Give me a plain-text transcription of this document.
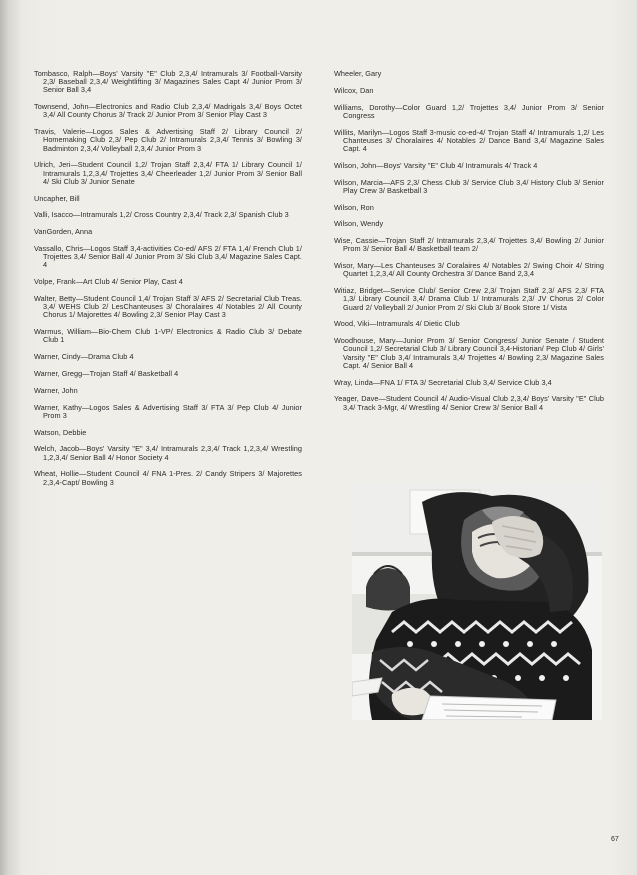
Tombasco, Ralph—Boys' Varsity "E" Club 2,3,4/ Intramurals 3/ Football-Varsity 2,3/ Baseball 2,3,4/ Weightlifting 3/ Magazines Sales Capt 4/ Junior Prom 3/ Senior Ball 3,4

Townsend, John—Electronics and Radio Club 2,3,4/ Madrigals 3,4/ Boys Octet 3,4/ All County Chorus 3/ Track 2/ Junior Prom 3/ Senior Play Cast 3

Travis, Valerie—Logos Sales & Advertising Staff 2/ Library Council 2/ Homemaking Club 2,3/ Pep Club 2/ Intramurals 2,3,4/ Tennis 3/ Bowling 3/ Badminton 2,3,4/ Volleyball 2,3,4/ Junior Prom 3

Ulrich, Jeri—Student Council 1,2/ Trojan Staff 2,3,4/ FTA 1/ Library Council 1/ Intramurals 1,2,3,4/ Trojettes 3,4/ Cheerleader 1,2/ Junior Prom 3/ Senior Ball 4/ Ski Club 3/ Junior Senate

Uncapher, Bill

Valli, Isacco—Intramurals 1,2/ Cross Country 2,3,4/ Track 2,3/ Spanish Club 3

VanGorden, Anna

Vassallo, Chris—Logos Staff 3,4-activities Co-ed/ AFS 2/ FTA 1,4/ French Club 1/ Trojettes 3,4/ Senior Ball 4/ Junior Prom 3/ Ski Club 3,4/ Magazine Sales Capt. 4

Volpe, Frank—Art Club 4/ Senior Play, Cast 4

Walter, Betty—Student Council 1,4/ Trojan Staff 3/ AFS 2/ Secretarial Club Treas. 3,4/ WEHS Club 2/ LesChanteuses 3/ Choralaires 4/ Notables 2/ All County Chorus 1/ Majorettes 4/ Bowling 2,3/ Senior Play Cast 3

Warmus, William—Bio-Chem Club 1-VP/ Electronics & Radio Club 3/ Debate Club 1

Warner, Cindy—Drama Club 4

Warner, Gregg—Trojan Staff 4/ Basketball 4

Warner, John

Warner, Kathy—Logos Sales & Advertising Staff 3/ FTA 3/ Pep Club 4/ Junior Prom 3

Watson, Debbie

Welch, Jacob—Boys' Varsity "E" 3,4/ Intramurals 2,3,4/ Track 1,2,3,4/ Wrestling 1,2,3,4/ Senior Ball 4/ Honor Society 4

Wheat, Hollie—Student Council 4/ FNA 1-Pres. 2/ Candy Stripers 3/ Majorettes 2,3,4-Capt/ Bowling 3

Wheeler, Gary

Wilcox, Dan

Williams, Dorothy—Color Guard 1,2/ Trojettes 3,4/ Junior Prom 3/ Senior Congress

Willits, Marilyn—Logos Staff 3-music co-ed-4/ Trojan Staff 4/ Intramurals 1,2/ Les Chanteuses 3/ Choralaires 4/ Notables 2/ Dance Band 3,4/ Magazine Sales Capt. 4

Wilson, John—Boys' Varsity "E" Club 4/ Intramurals 4/ Track 4

Wilson, Marcia—AFS 2,3/ Chess Club 3/ Service Club 3,4/ History Club 3/ Senior Play Crew 3/ Basketball 3

Wilson, Ron

Wilson, Wendy

Wise, Cassie—Trojan Staff 2/ Intramurals 2,3,4/ Trojettes 3,4/ Bowling 2/ Junior Prom 3/ Senior Ball 4/ Basketball team 2/

Wisor, Mary—Les Chanteuses 3/ Coralaires 4/ Notables 2/ Swing Choir 4/ String Quartet 1,2,3,4/ All County Orchestra 3/ Dance Band 2,3,4

Witiaz, Bridget—Service Club/ Senior Crew 2,3/ Trojan Staff 2,3/ AFS 2,3/ FTA 1,3/ Library Council 3,4/ Drama Club 1/ Intramurals 2,3/ JV Chorus 2/ Color Guard 2/ Volleyball 2/ Junior Prom 2/ Ski Club 3/ Book Store 1/ Vista

Wood, Viki—Intramurals 4/ Dietic Club

Woodhouse, Mary—Junior Prom 3/ Senior Congress/ Junior Senate / Student Council 1,2/ Secretarial Club 3/ Library Council 3,4-Historian/ Pep Club 4/ Girls' Varsity "E" Club 3,4/ Intramurals 3,4/ Trojettes 4/ Bowling 2,3/ Magazine Sales Capt. 4/ Senior Ball 4

Wray, Linda—FNA 1/ FTA 3/ Secretarial Club 3,4/ Service Club 3,4

Yeager, Dave—Student Council 4/ Audio-Visual Club 2,3,4/ Boys' Varsity "E" Club 3,4/ Track 3-Mgr, 4/ Wrestling 4/ Senior Crew 3/ Senior Ball 4

67
